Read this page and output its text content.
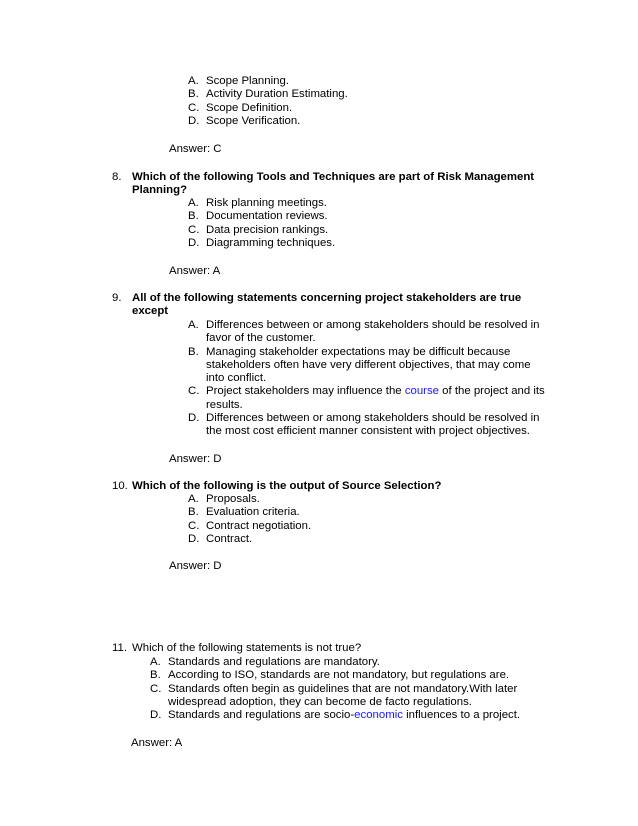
A. Scope Planning.
B. Activity Duration Estimating.
C. Scope Definition.
D. Scope Verification.
Answer: C
8. Which of the following Tools and Techniques are part of Risk Management Planning?
A. Risk planning meetings.
B. Documentation reviews.
C. Data precision rankings.
D. Diagramming techniques.
Answer: A
9. All of the following statements concerning project stakeholders are true except
A. Differences between or among stakeholders should be resolved in favor of the customer.
B. Managing stakeholder expectations may be difficult because stakeholders often have very different objectives, that may come into conflict.
C. Project stakeholders may influence the course of the project and its results.
D. Differences between or among stakeholders should be resolved in the most cost efficient manner consistent with project objectives.
Answer: D
10. Which of the following is the output of Source Selection?
A. Proposals.
B. Evaluation criteria.
C. Contract negotiation.
D. Contract.
Answer: D
11. Which of the following statements is not true?
A. Standards and regulations are mandatory.
B. According to ISO, standards are not mandatory, but regulations are.
C. Standards often begin as guidelines that are not mandatory.With later widespread adoption, they can become de facto regulations.
D. Standards and regulations are socio-economic influences to a project.
Answer: A
